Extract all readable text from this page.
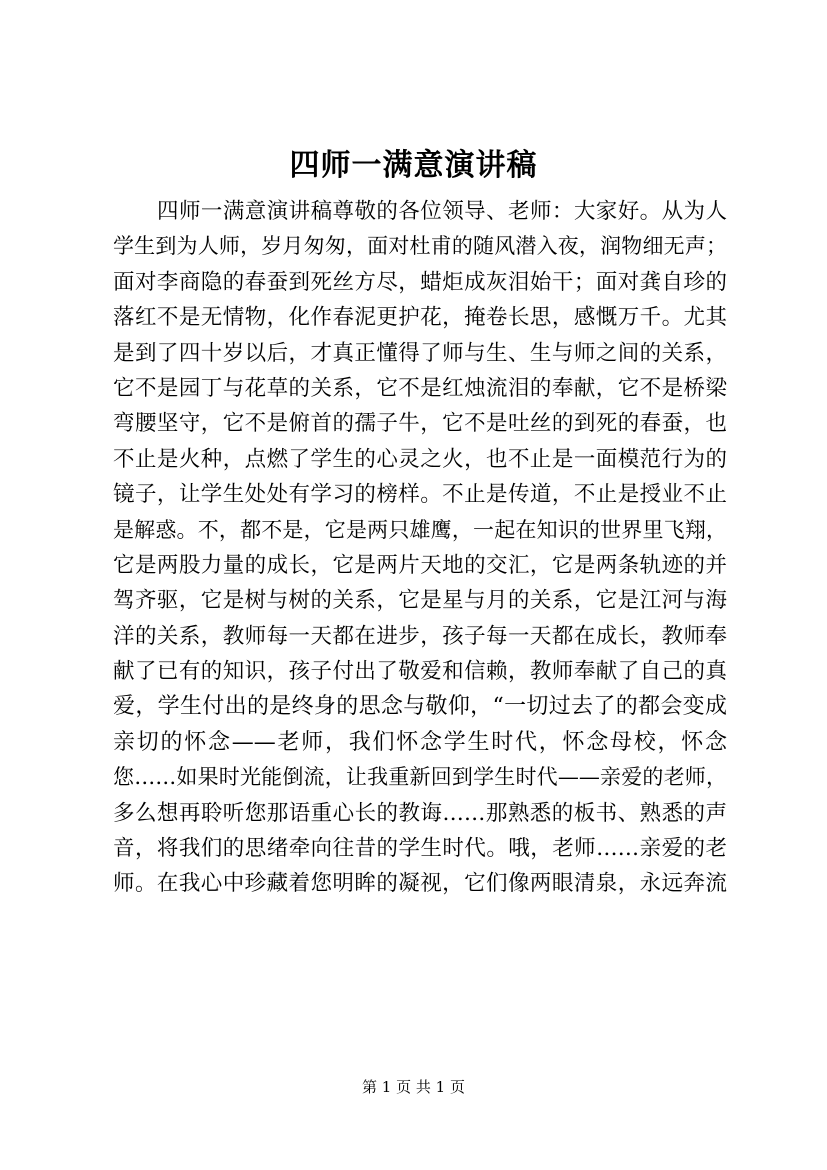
四师一满意演讲稿
四师一满意演讲稿尊敬的各位领导、老师：大家好。从为人
学生到为人师，岁月匆匆，面对杜甫的随风潜入夜，润物细无声；
面对李商隐的春蚕到死丝方尽，蜡炬成灰泪始干；面对龚自珍的
落红不是无情物，化作春泥更护花，掩卷长思，感慨万千。尤其
是到了四十岁以后，才真正懂得了师与生、生与师之间的关系，
它不是园丁与花草的关系，它不是红烛流泪的奉献，它不是桥梁
弯腰坚守，它不是俯首的孺子牛，它不是吐丝的到死的春蚕，也
不止是火种，点燃了学生的心灵之火，也不止是一面模范行为的
镜子，让学生处处有学习的榜样。不止是传道，不止是授业不止
是解惑。不，都不是，它是两只雄鹰，一起在知识的世界里飞翔，
它是两股力量的成长，它是两片天地的交汇，它是两条轨迹的并
驾齐驱，它是树与树的关系，它是星与月的关系，它是江河与海
洋的关系，教师每一天都在进步，孩子每一天都在成长，教师奉
献了已有的知识，孩子付出了敬爱和信赖，教师奉献了自己的真
爱，学生付出的是终身的思念与敬仰，“一切过去了的都会变成
亲切的怀念——老师，我们怀念学生时代，怀念母校，怀念
您……如果时光能倒流，让我重新回到学生时代——亲爱的老师，
多么想再聆听您那语重心长的教诲……那熟悉的板书、熟悉的声
音，将我们的思绪牵向往昔的学生时代。哦，老师……亲爱的老
师。在我心中珍藏着您明眸的凝视，它们像两眼清泉，永远奔流
第 1 页 共 1 页
